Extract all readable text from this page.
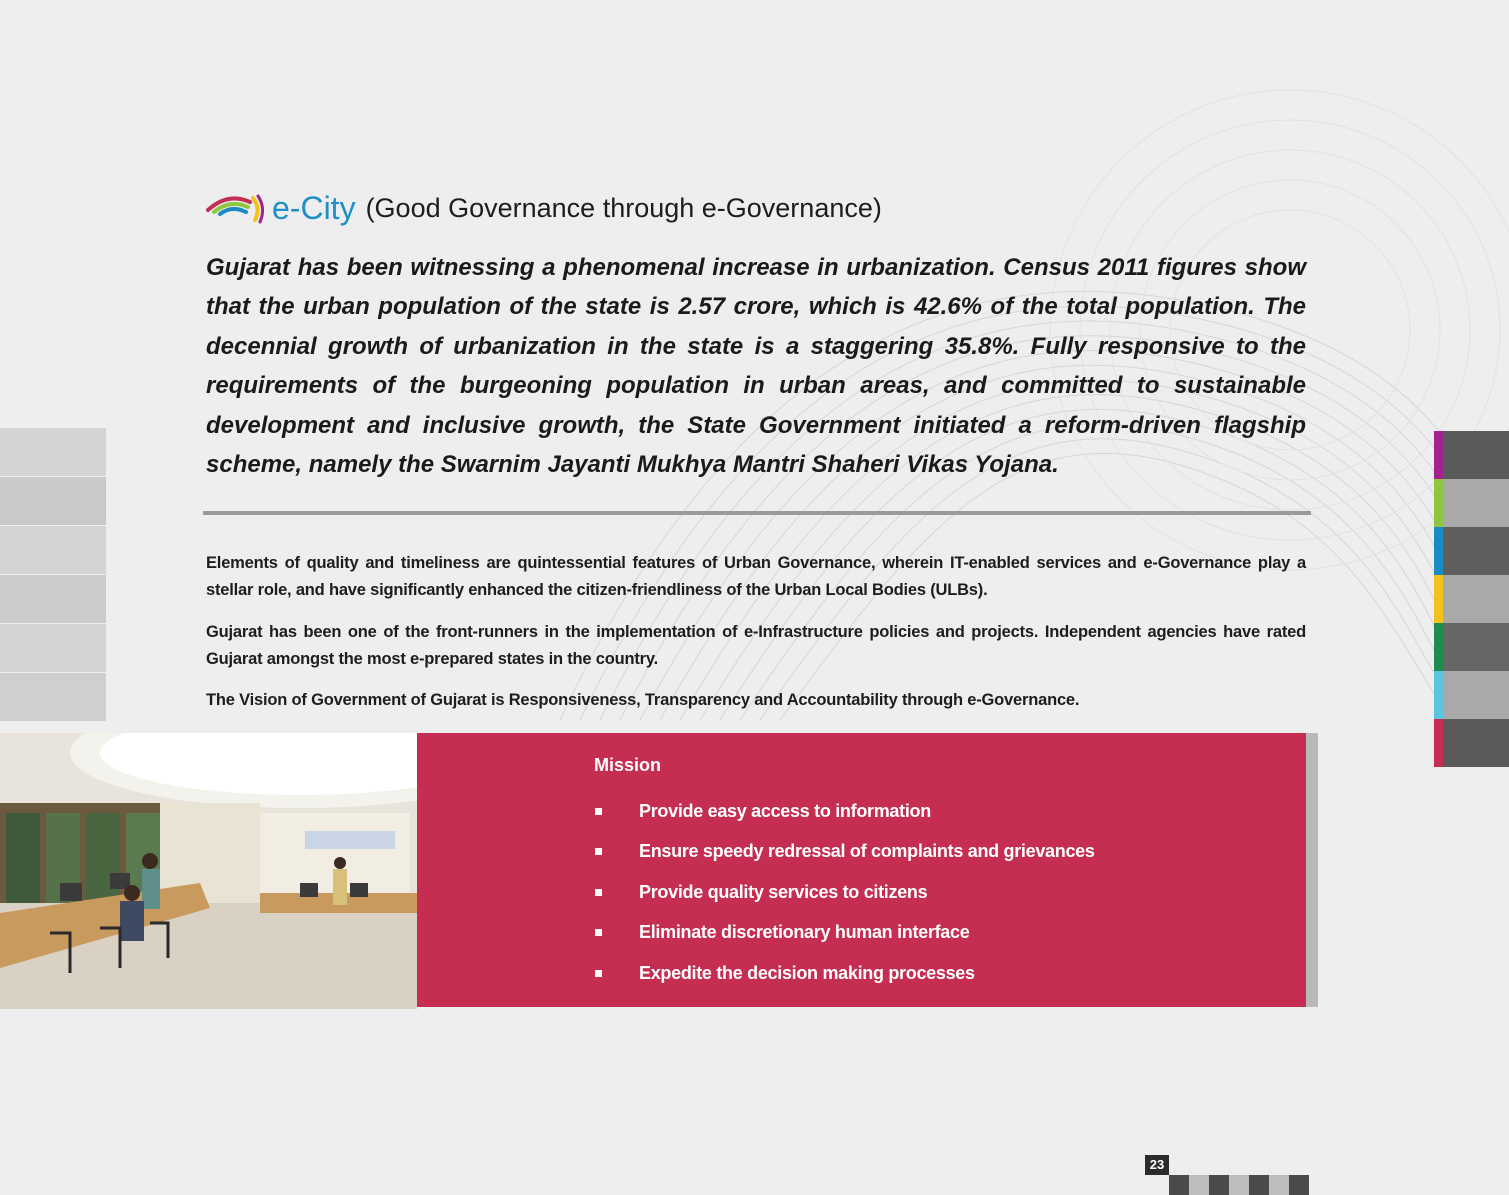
e-City (Good Governance through e-Governance)
Gujarat has been witnessing a phenomenal increase in urbanization. Census 2011 figures show that the urban population of the state is 2.57 crore, which is 42.6% of the total population. The decennial growth of urbanization in the state is a staggering 35.8%. Fully responsive to the requirements of the burgeoning population in urban areas, and committed to sustainable development and inclusive growth, the State Government initiated a reform-driven flagship scheme, namely the Swarnim Jayanti Mukhya Mantri Shaheri Vikas Yojana.
Elements of quality and timeliness are quintessential features of Urban Governance, wherein IT-enabled services and e-Governance play a stellar role, and have significantly enhanced the citizen-friendliness of the Urban Local Bodies (ULBs).
Gujarat has been one of the front-runners in the implementation of e-Infrastructure policies and projects. Independent agencies have rated Gujarat amongst the most e-prepared states in the country.
The Vision of Government of Gujarat is Responsiveness, Transparency and Accountability through e-Governance.
Mission
Provide easy access to information
Ensure speedy redressal of complaints and grievances
Provide quality services to citizens
Eliminate discretionary human interface
Expedite the decision making processes
23
